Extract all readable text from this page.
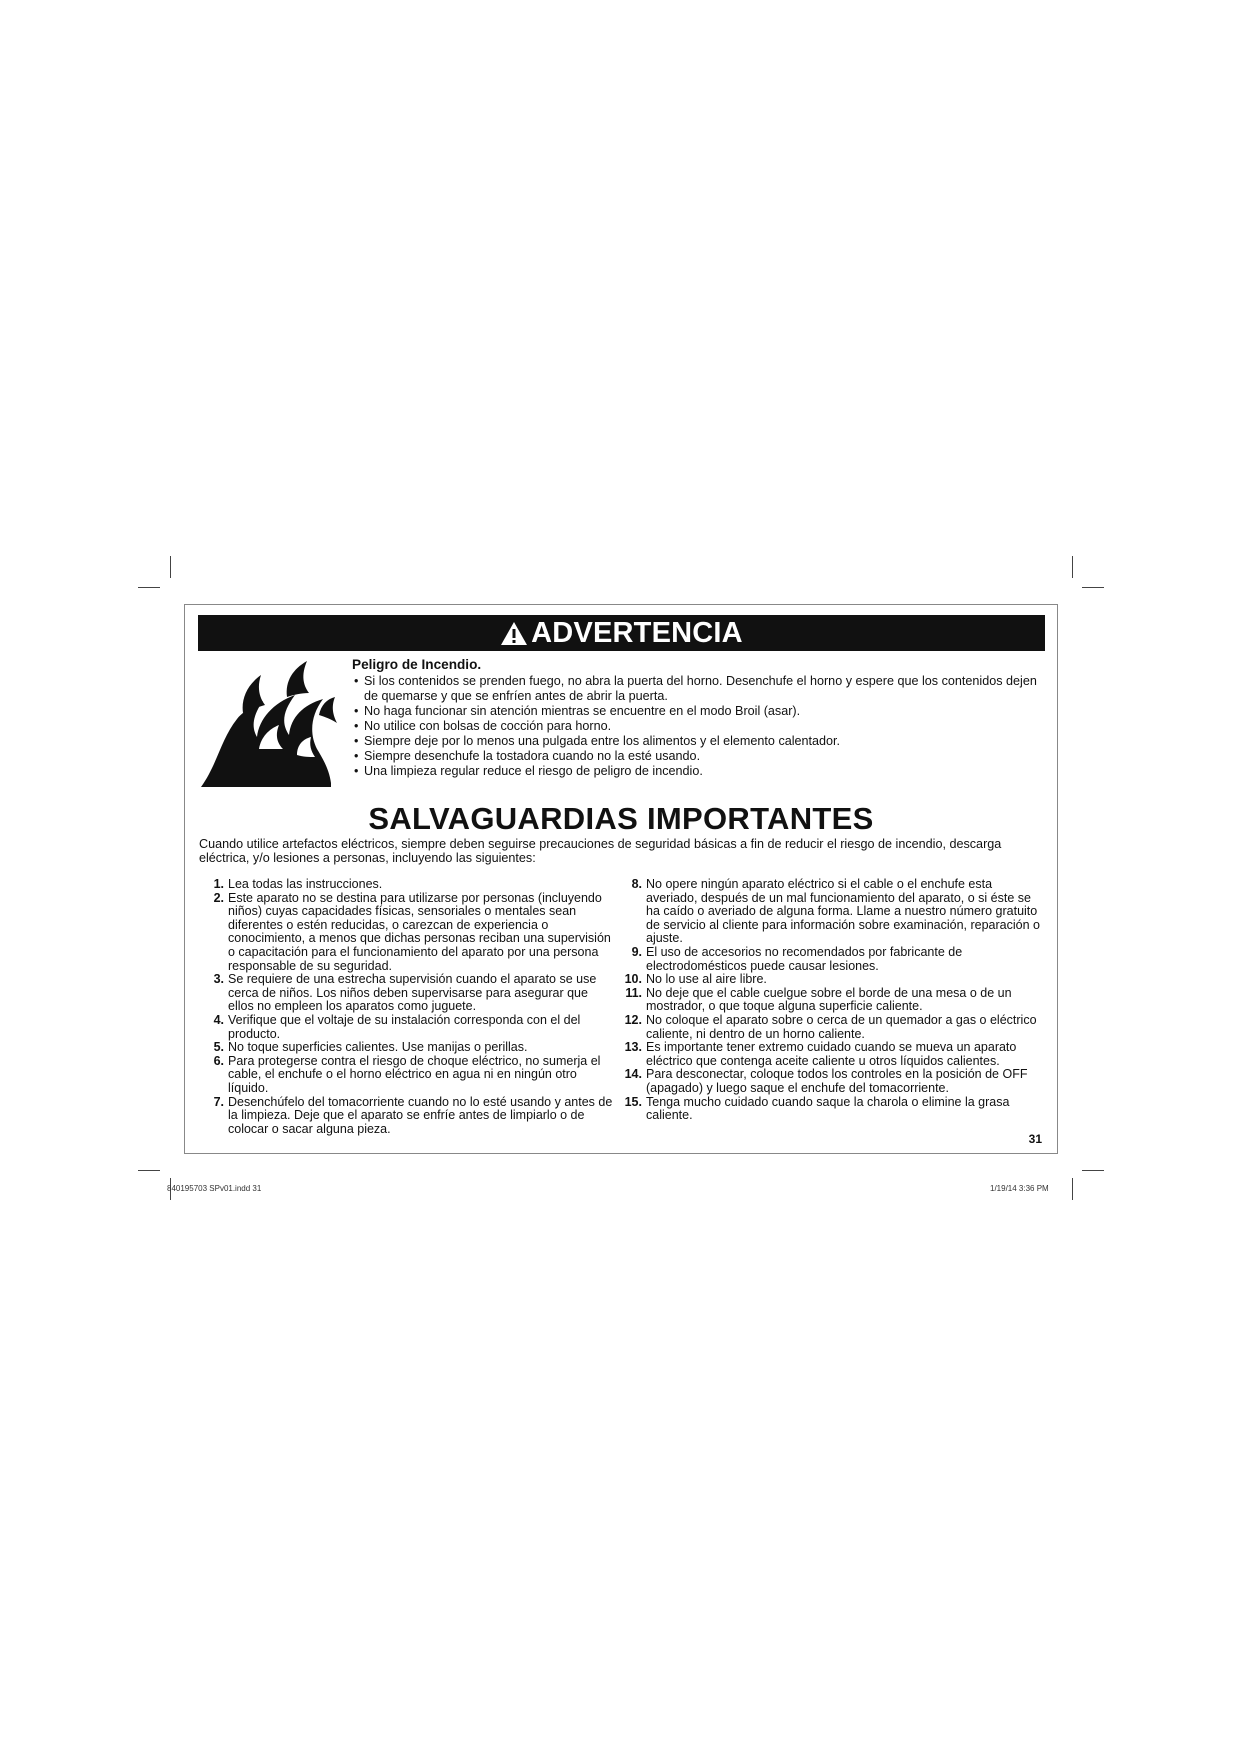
ADVERTENCIA
Peligro de Incendio.
• Si los contenidos se prenden fuego, no abra la puerta del horno. Desenchufe el horno y espere que los contenidos dejen de quemarse y que se enfríen antes de abrir la puerta.
• No haga funcionar sin atención mientras se encuentre en el modo Broil (asar).
• No utilice con bolsas de cocción para horno.
• Siempre deje por lo menos una pulgada entre los alimentos y el elemento calentador.
• Siempre desenchufe la tostadora cuando no la esté usando.
• Una limpieza regular reduce el riesgo de peligro de incendio.
SALVAGUARDIAS IMPORTANTES
Cuando utilice artefactos eléctricos, siempre deben seguirse precauciones de seguridad básicas a fin de reducir el riesgo de incendio, descarga eléctrica, y/o lesiones a personas, incluyendo las siguientes:
1. Lea todas las instrucciones.
2. Este aparato no se destina para utilizarse por personas (incluyendo niños) cuyas capacidades físicas, sensoriales o mentales sean diferentes o estén reducidas, o carezcan de experiencia o conocimiento, a menos que dichas personas reciban una supervisión o capacitación para el funcionamiento del aparato por una persona responsable de su seguridad.
3. Se requiere de una estrecha supervisión cuando el aparato se use cerca de niños. Los niños deben supervisarse para asegurar que ellos no empleen los aparatos como juguete.
4. Verifique que el voltaje de su instalación corresponda con el del producto.
5. No toque superficies calientes. Use manijas o perillas.
6. Para protegerse contra el riesgo de choque eléctrico, no sumerja el cable, el enchufe o el horno eléctrico en agua ni en ningún otro líquido.
7. Desenchúfelo del tomacorriente cuando no lo esté usando y antes de la limpieza. Deje que el aparato se enfríe antes de limpiarlo o de colocar o sacar alguna pieza.
8. No opere ningún aparato eléctrico si el cable o el enchufe esta averiado, después de un mal funcionamiento del aparato, o si éste se ha caído o averiado de alguna forma. Llame a nuestro número gratuito de servicio al cliente para información sobre examinación, reparación o ajuste.
9. El uso de accesorios no recomendados por fabricante de electrodomésticos puede causar lesiones.
10. No lo use al aire libre.
11. No deje que el cable cuelgue sobre el borde de una mesa o de un mostrador, o que toque alguna superficie caliente.
12. No coloque el aparato sobre o cerca de un quemador a gas o eléctrico caliente, ni dentro de un horno caliente.
13. Es importante tener extremo cuidado cuando se mueva un aparato eléctrico que contenga aceite caliente u otros líquidos calientes.
14. Para desconectar, coloque todos los controles en la posición de OFF (apagado) y luego saque el enchufe del tomacorriente.
15. Tenga mucho cuidado cuando saque la charola o elimine la grasa caliente.
31
840195703 SPv01.indd 31	1/19/14 3:36 PM
